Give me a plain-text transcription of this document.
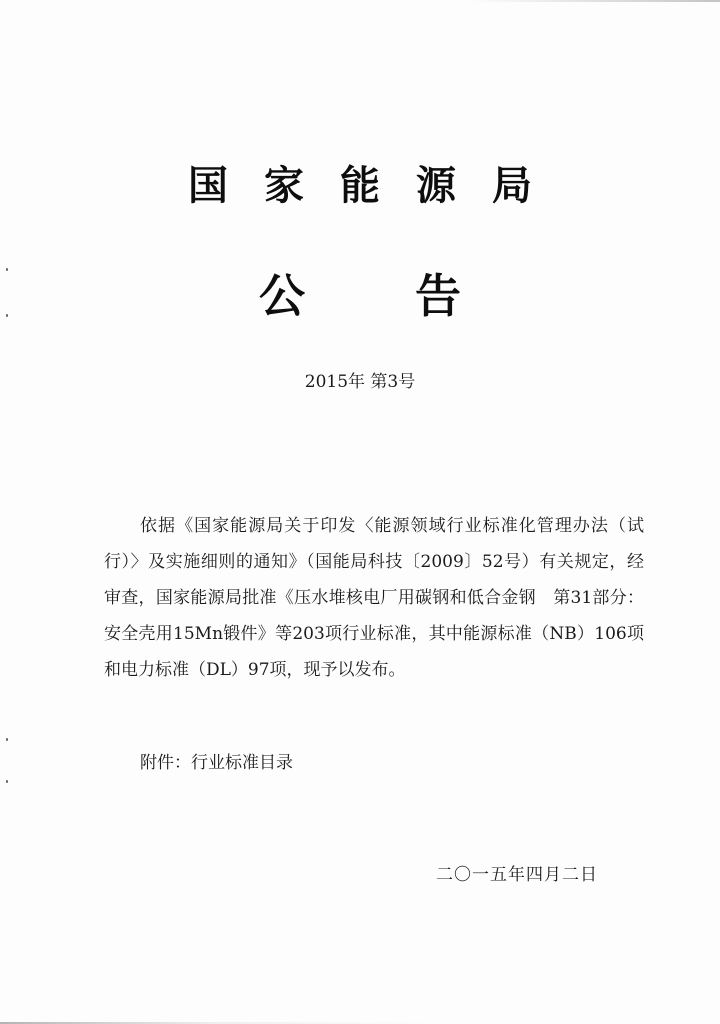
国家能源局
公告
2015年 第3号

依据《国家能源局关于印发〈能源领域行业标准化管理办法（试行）〉及实施细则的通知》（国能局科技〔2009〕52号）有关规定，经审查，国家能源局批准《压水堆核电厂用碳钢和低合金钢　第31部分：安全壳用15Mn锻件》等203项行业标准，其中能源标准（NB）106项和电力标准（DL）97项，现予以发布。

附件：行业标准目录
二〇一五年四月二日
